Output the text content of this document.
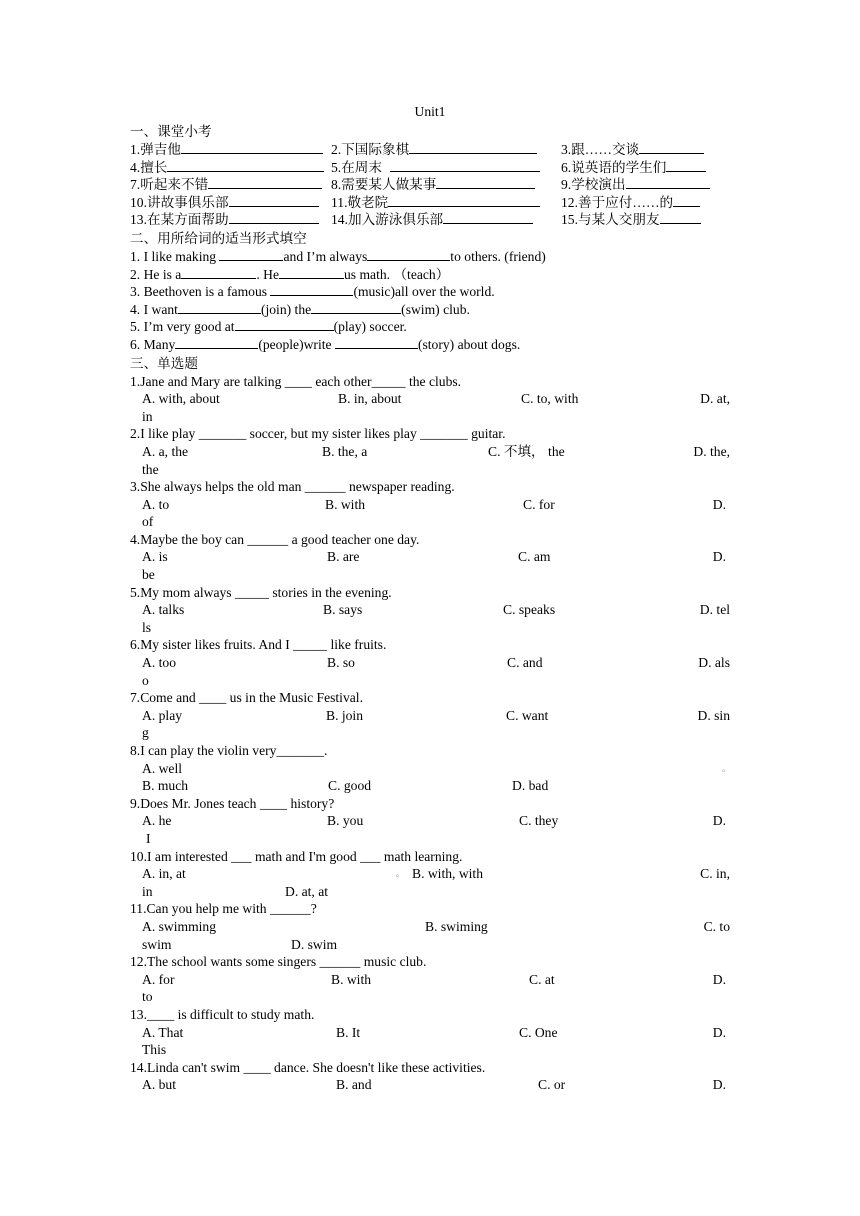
Unit1
一、课堂小考
1.弹吉他	2.下国际象棋	3.跟……交谈
4.擅长	5.在周末	6.说英语的学生们
7.听起来不错	8.需要某人做某事	9.学校演出
10.讲故事俱乐部	11.敬老院	12.善于应付……的
13.在某方面帮助	14.加入游泳俱乐部	15.与某人交朋友
二、用所给词的适当形式填空
1. I like making	and I’m always	to others. (friend)
2. He is a	. He	us math. （teach）
3. Beethoven is a famous	(music)all over the world.
4. I want	(join) the	(swim) club.
5. I’m very good at	(play) soccer.
6. Many	(people)write	(story) about dogs.
三、单选题
1.Jane and Mary are talking ____ each other_____ the clubs.
A. with, about	B. in, about	C. to, with	D. at,
in
2.I like play _______ soccer, but my sister likes play _______ guitar.
A. a, the	B. the, a	C. 不填， the	D. the,
the
3.She always helps the old man ______ newspaper reading.
A. to	B. with	C. for	D.
of
4.Maybe the boy can ______ a good teacher one day.
A. is	B. are	C. am	D.
be
5.My mom always _____ stories in the evening.
A. talks	B. says	C. speaks	D. tel
ls
6.My sister likes fruits. And I _____ like fruits.
A. too	B. so	C. and	D. als
o
7.Come and ____ us in the Music Festival.
A. play	B. join	C. want	D. sin
g
8.I can play the violin very_______.
A. well	。
B. much	C. good	D. bad
9.Does Mr. Jones teach ____ history?
A. he	B. you	C. they	D.
I
10.I am interested ___ math and I'm good ___ math learning.
A. in, at	。 B. with, with	C. in,
in	D. at, at
11.Can you help me with ______?
A. swimming	B. swiming	C. to
swim	D. swim
12.The school wants some singers ______ music club.
A. for	B. with	C. at	D.
to
13.____ is difficult to study math.
A. That	B. It	C. One	D.
This
14.Linda can't swim ____ dance. She doesn't like these activities.
A. but	B. and	C. or	D.
